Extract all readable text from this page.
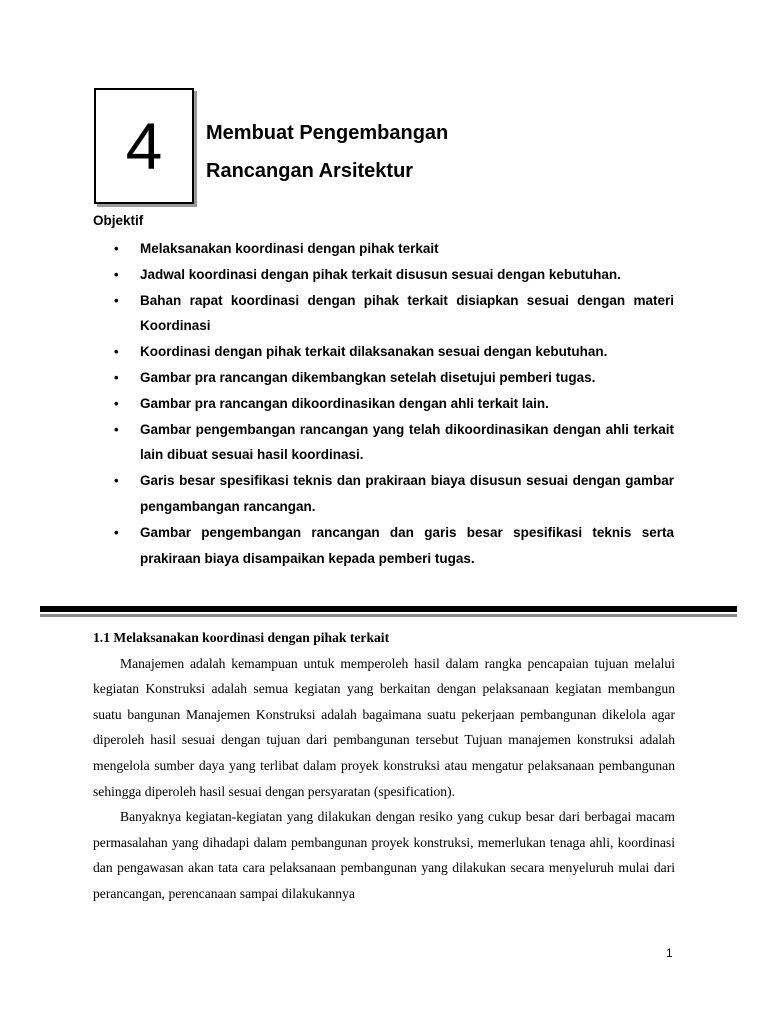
4 Membuat Pengembangan
Rancangan Arsitektur
Objektif
• Melaksanakan koordinasi dengan pihak terkait
• Jadwal koordinasi dengan pihak terkait disusun sesuai dengan kebutuhan.
• Bahan rapat koordinasi dengan pihak terkait disiapkan sesuai dengan materi Koordinasi
• Koordinasi dengan pihak terkait dilaksanakan sesuai dengan kebutuhan.
• Gambar pra rancangan dikembangkan setelah disetujui pemberi tugas.
• Gambar pra rancangan dikoordinasikan dengan ahli terkait lain.
• Gambar pengembangan rancangan yang telah dikoordinasikan dengan ahli terkait lain dibuat sesuai hasil koordinasi.
• Garis besar spesifikasi teknis dan prakiraan biaya disusun sesuai dengan gambar pengambangan rancangan.
• Gambar pengembangan rancangan dan garis besar spesifikasi teknis serta prakiraan biaya disampaikan kepada pemberi tugas.
1.1 Melaksanakan koordinasi dengan pihak terkait

Manajemen adalah kemampuan untuk memperoleh hasil dalam rangka pencapaian tujuan melalui kegiatan Konstruksi adalah semua kegiatan yang berkaitan dengan pelaksanaan kegiatan membangun suatu bangunan Manajemen Konstruksi adalah bagaimana suatu pekerjaan pembangunan dikelola agar diperoleh hasil sesuai dengan tujuan dari pembangunan tersebut Tujuan manajemen konstruksi adalah mengelola sumber daya yang terlibat dalam proyek konstruksi atau mengatur pelaksanaan pembangunan sehingga diperoleh hasil sesuai dengan persyaratan (spesification).

Banyaknya kegiatan-kegiatan yang dilakukan dengan resiko yang cukup besar dari berbagai macam permasalahan yang dihadapi dalam pembangunan proyek konstruksi, memerlukan tenaga ahli, koordinasi dan pengawasan akan tata cara pelaksanaan pembangunan yang dilakukan secara menyeluruh mulai dari perancangan, perencanaan sampai dilakukannya

1
